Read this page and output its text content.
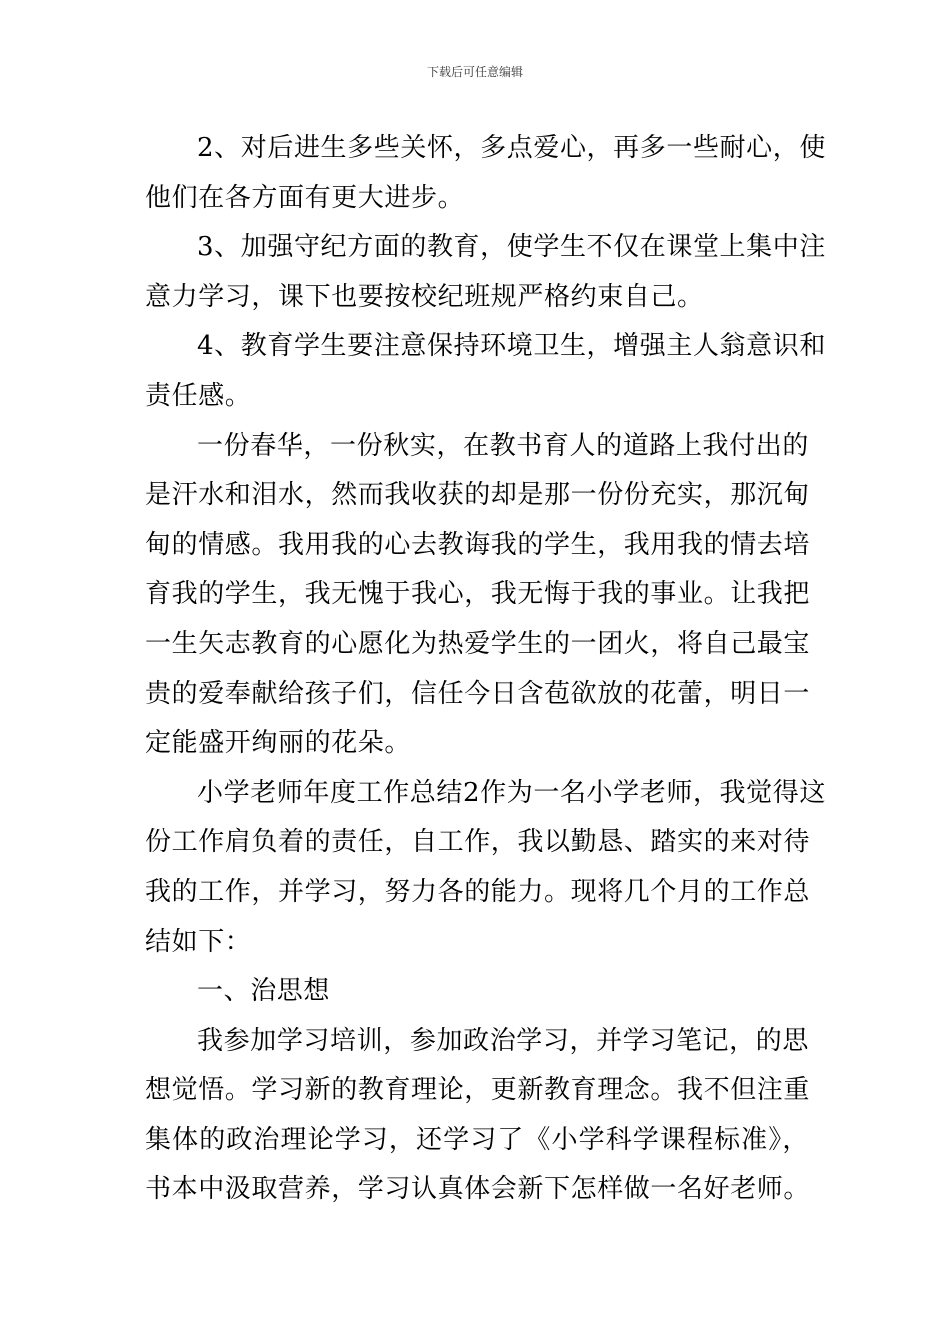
下载后可任意编辑
2、对后进生多些关怀，多点爱心，再多一些耐心，使
他们在各方面有更大进步。
3、加强守纪方面的教育，使学生不仅在课堂上集中注
意力学习，课下也要按校纪班规严格约束自己。
4、教育学生要注意保持环境卫生，增强主人翁意识和
责任感。
一份春华，一份秋实，在教书育人的道路上我付出的
是汗水和泪水，然而我收获的却是那一份份充实，那沉甸
甸的情感。我用我的心去教诲我的学生，我用我的情去培
育我的学生，我无愧于我心，我无悔于我的事业。让我把
一生矢志教育的心愿化为热爱学生的一团火，将自己最宝
贵的爱奉献给孩子们，信任今日含苞欲放的花蕾，明日一
定能盛开绚丽的花朵。
小学老师年度工作总结2作为一名小学老师，我觉得这
份工作肩负着的责任，自工作，我以勤恳、踏实的来对待
我的工作，并学习，努力各的能力。现将几个月的工作总
结如下：
一、治思想
我参加学习培训，参加政治学习，并学习笔记，的思
想觉悟。学习新的教育理论，更新教育理念。我不但注重
集体的政治理论学习，还学习了《小学科学课程标准》，
书本中汲取营养，学习认真体会新下怎样做一名好老师。
